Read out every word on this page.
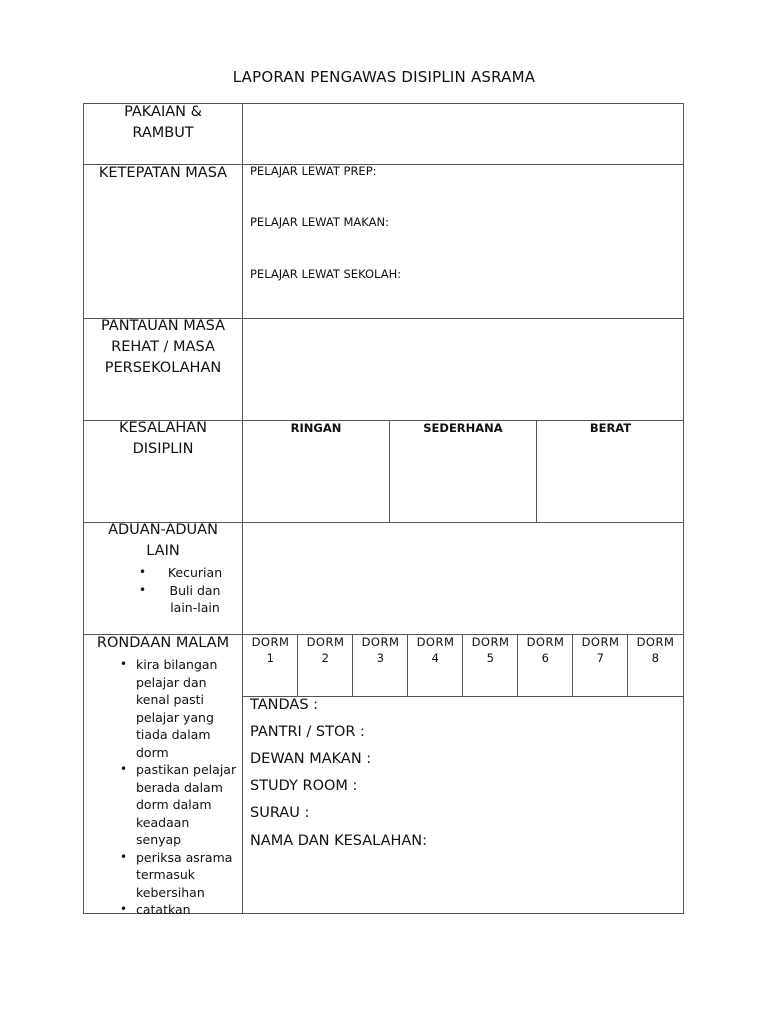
LAPORAN PENGAWAS DISIPLIN ASRAMA
PAKAIAN & RAMBUT
KETEPATAN MASA
PANTAUAN MASA REHAT / MASA PERSEKOLAHAN
KESALAHAN DISIPLIN
ADUAN-ADUAN LAIN
RONDAAN MALAM
PELAJAR LEWAT PREP:
PELAJAR LEWAT MAKAN:
PELAJAR LEWAT SEKOLAH:
RINGAN	SEDERHANA	BERAT
• Kecurian
• Buli dan lain-lain
• kira bilangan pelajar dan kenal pasti pelajar yang tiada dalam dorm
• pastikan pelajar berada dalam dorm dalam keadaan senyap
• periksa asrama termasuk kebersihan
• catatkan
DORM
1
DORM
2
DORM
3
DORM
4
DORM
5
DORM
6
DORM
7
DORM
8
TANDAS :
PANTRI / STOR :
DEWAN MAKAN :
STUDY ROOM :
SURAU :
NAMA DAN KESALAHAN:
